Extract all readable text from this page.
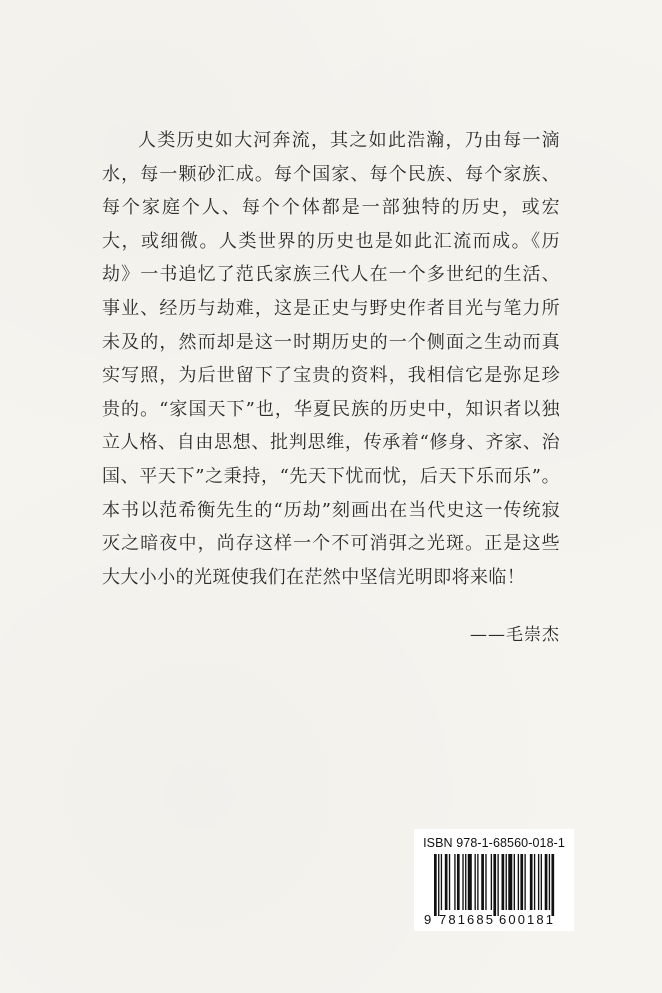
人类历史如大河奔流，其之如此浩瀚，乃由每一滴水，每一颗砂汇成。每个国家、每个民族、每个家族、每个家庭个人、每个个体都是一部独特的历史，或宏大，或细微。人类世界的历史也是如此汇流而成。《历劫》一书追忆了范氏家族三代人在一个多世纪的生活、事业、经历与劫难，这是正史与野史作者目光与笔力所未及的，然而却是这一时期历史的一个侧面之生动而真实写照，为后世留下了宝贵的资料，我相信它是弥足珍贵的。“家国天下”也，华夏民族的历史中，知识者以独立人格、自由思想、批判思维，传承着“修身、齐家、治国、平天下”之秉持，“先天下忧而忧，后天下乐而乐”。本书以范希衡先生的“历劫”刻画出在当代史这一传统寂灭之暗夜中，尚存这样一个不可消弭之光斑。正是这些大大小小的光斑使我们在茫然中坚信光明即将来临！

——毛崇杰
ISBN 978-1-68560-018-1
9 781685 600181
